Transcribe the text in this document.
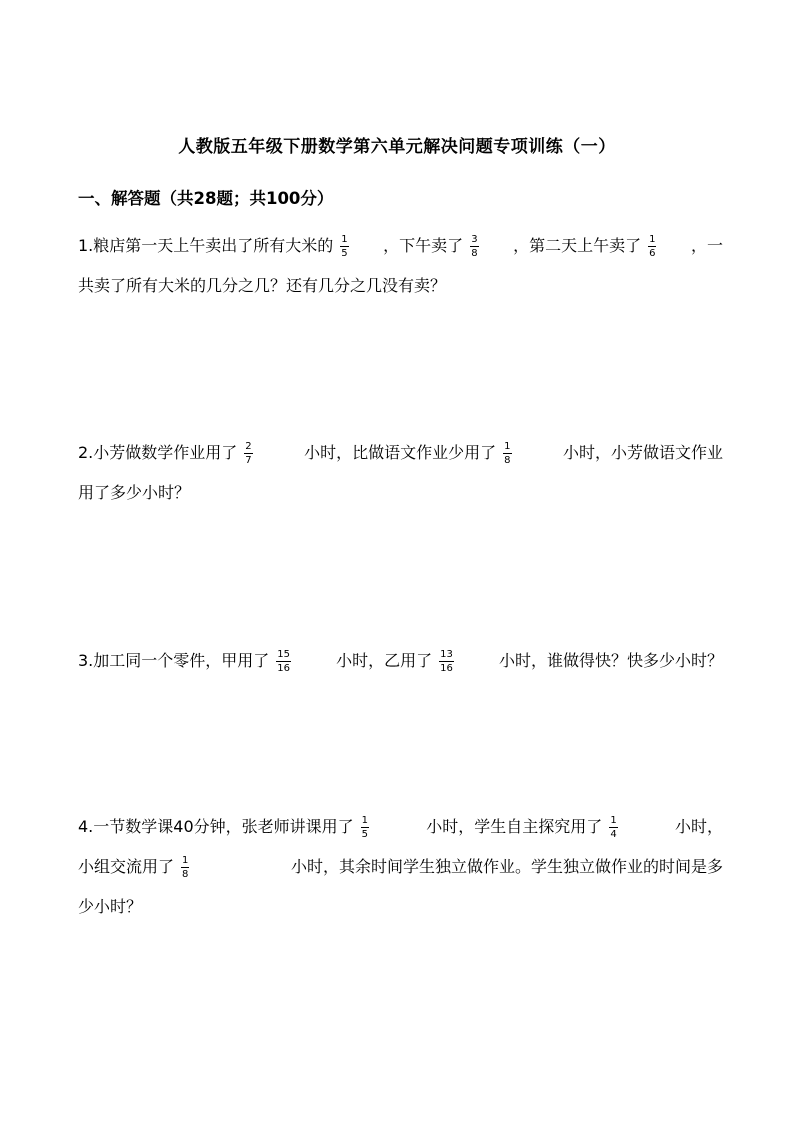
人教版五年级下册数学第六单元解决问题专项训练（一）
一、解答题（共28题；共100分）
1. 粮店第一天上午卖出了所有大米的 $\frac{1}{5}$ ，下午卖了 $\frac{3}{8}$ ，第二天上午卖了 $\frac{1}{6}$ ，一
共卖了所有大米的几分之几？还有几分之几没有卖？
2. 小芳做数学作业用了 $\frac{2}{7}$	小时，比做语文作业少用了 $\frac{1}{8}$	小时，小芳做语文作业
用了多少小时？
3. 加工同一个零件，甲用了 $\frac{15}{16}$	小时，乙用了 $\frac{13}{16}$	小时，谁做得快？快多少小时？
4. 一节数学课40分钟，张老师讲课用了 $\frac{1}{5}$	小时，学生自主探究用了 $\frac{1}{4}$	小时，
小组交流用了 $\frac{1}{8}$	小时，其余时间学生独立做作业。学生独立做作业的时间是多
少小时？
